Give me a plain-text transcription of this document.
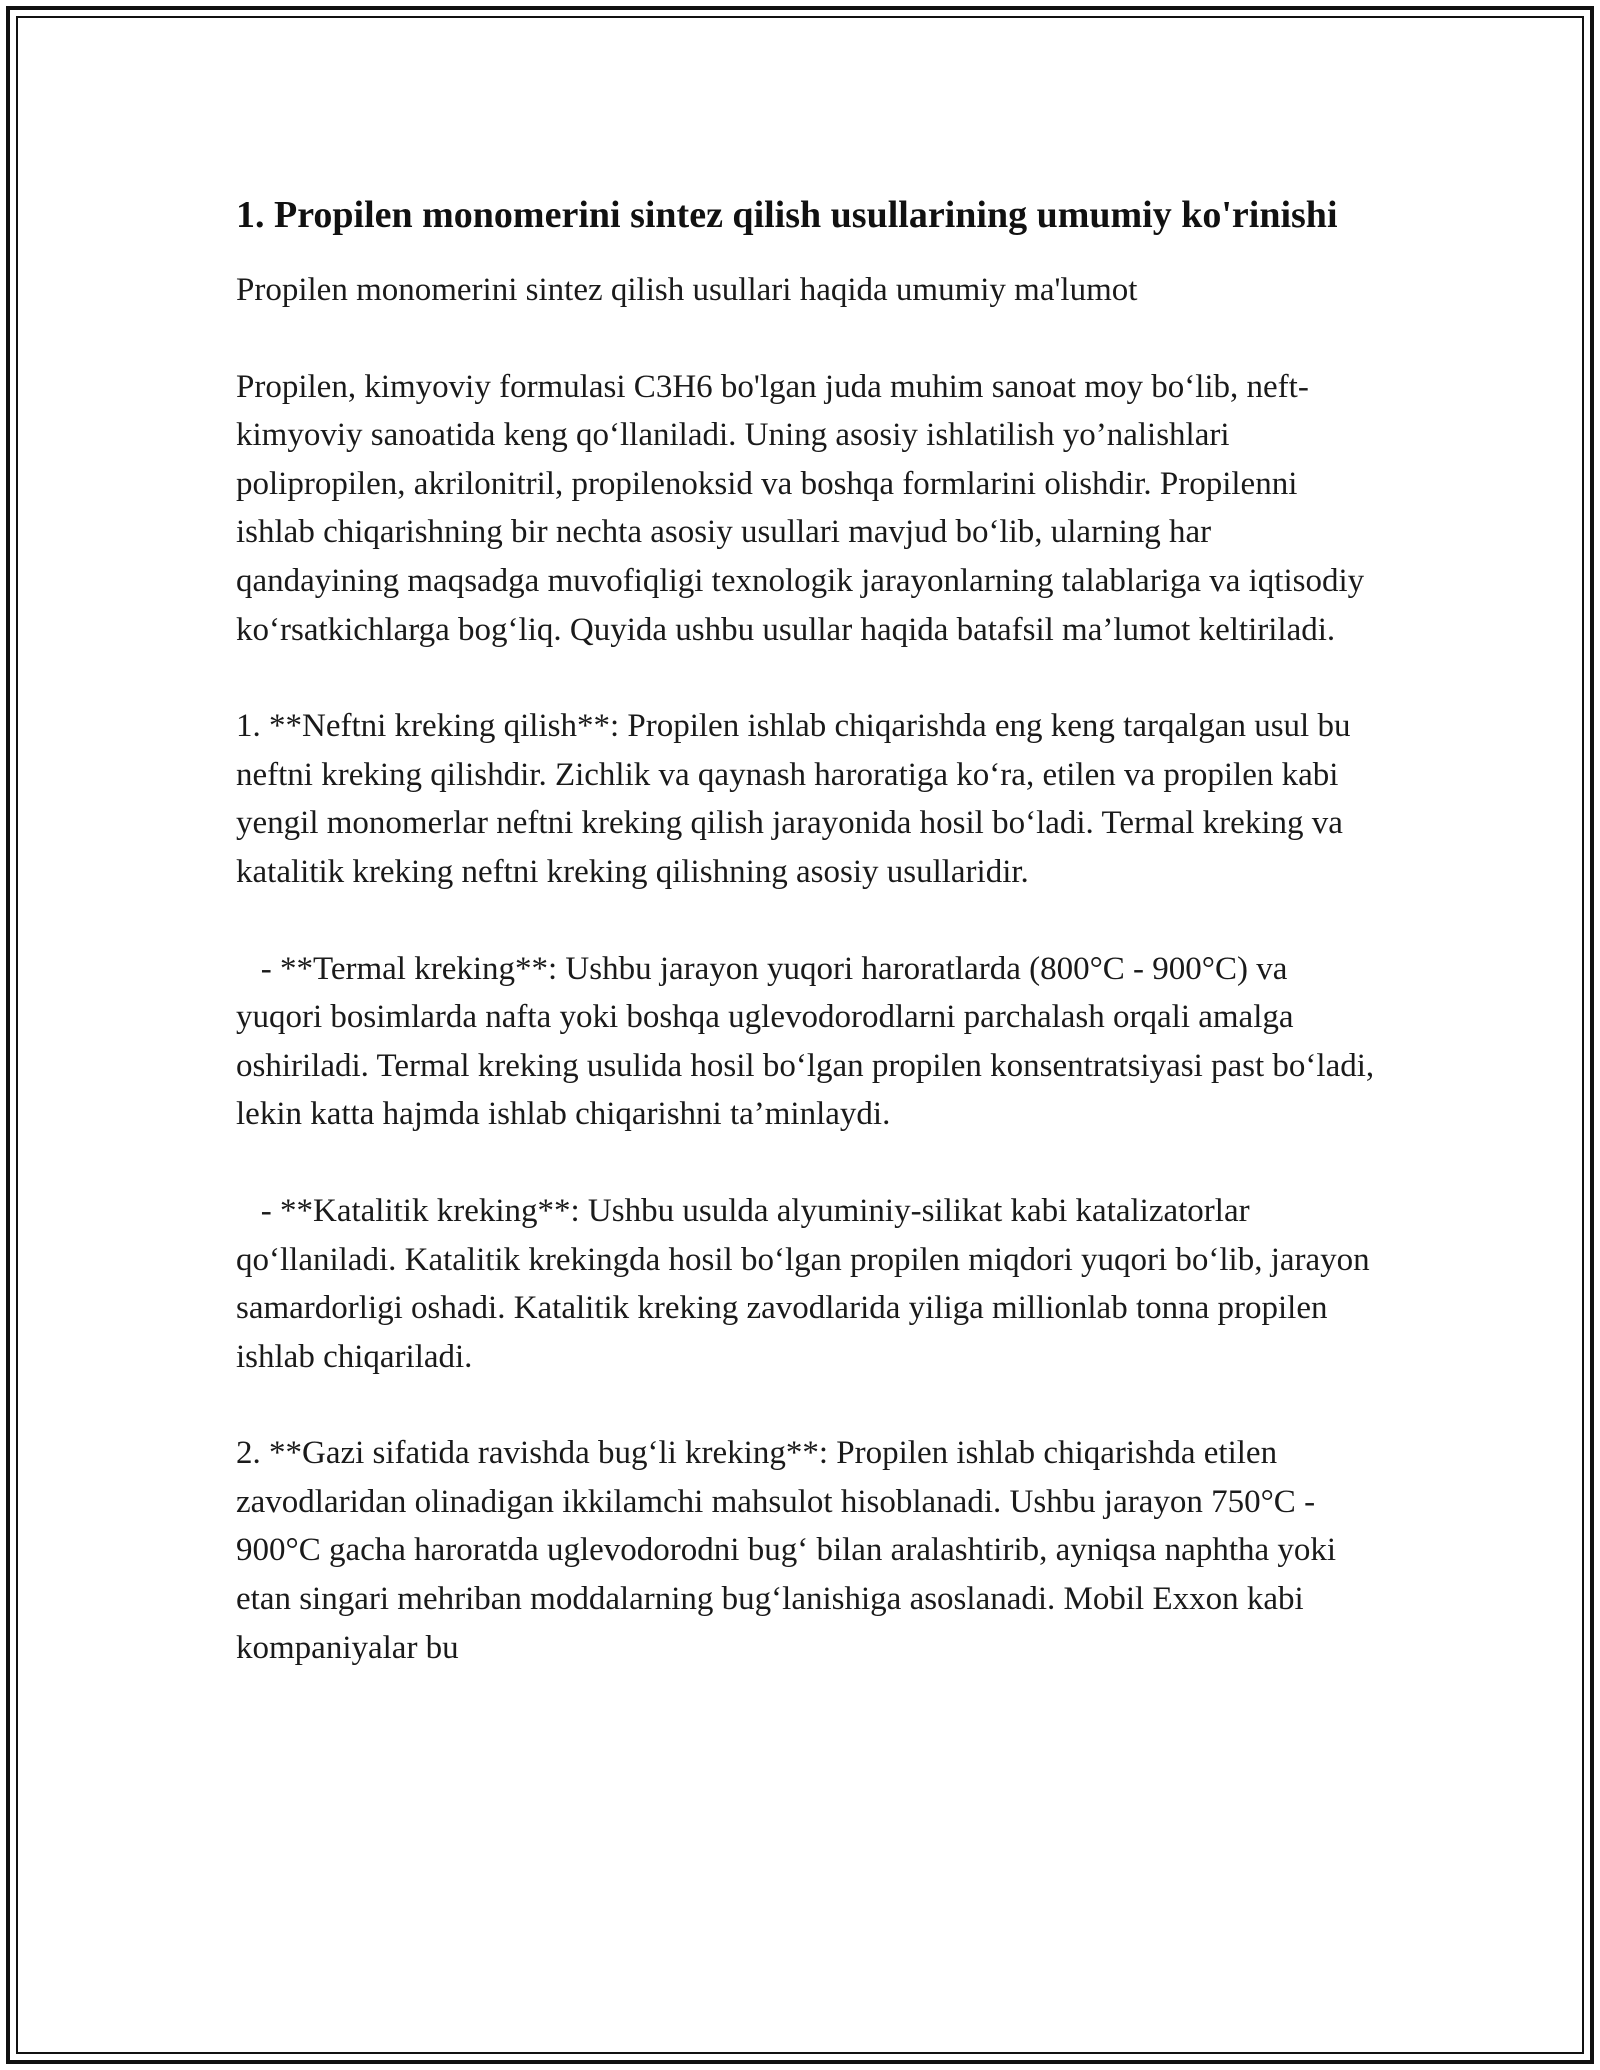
1. Propilen monomerini sintez qilish usullarining umumiy ko'rinishi

Propilen monomerini sintez qilish usullari haqida umumiy ma'lumot

Propilen, kimyoviy formulasi C3H6 bo'lgan juda muhim sanoat moy bo‘lib, neft-kimyoviy sanoatida keng qo‘llaniladi. Uning asosiy ishlatilish yo’nalishlari polipropilen, akrilonitril, propilenoksid va boshqa formlarini olishdir. Propilenni ishlab chiqarishning bir nechta asosiy usullari mavjud bo‘lib, ularning har qandayining maqsadga muvofiqligi texnologik jarayonlarning talablariga va iqtisodiy ko‘rsatkichlarga bog‘liq. Quyida ushbu usullar haqida batafsil ma’lumot keltiriladi.

1. **Neftni kreking qilish**: Propilen ishlab chiqarishda eng keng tarqalgan usul bu neftni kreking qilishdir. Zichlik va qaynash haroratiga ko‘ra, etilen va propilen kabi yengil monomerlar neftni kreking qilish jarayonida hosil bo‘ladi. Termal kreking va katalitik kreking neftni kreking qilishning asosiy usullaridir.

- **Termal kreking**: Ushbu jarayon yuqori haroratlarda (800°C - 900°C) va yuqori bosimlarda nafta yoki boshqa uglevodorodlarni parchalash orqali amalga oshiriladi. Termal kreking usulida hosil bo‘lgan propilen konsentratsiyasi past bo‘ladi, lekin katta hajmda ishlab chiqarishni ta’minlaydi.

- **Katalitik kreking**: Ushbu usulda alyuminiy-silikat kabi katalizatorlar qo‘llaniladi. Katalitik krekingda hosil bo‘lgan propilen miqdori yuqori bo‘lib, jarayon samardorligi oshadi. Katalitik kreking zavodlarida yiliga millionlab tonna propilen ishlab chiqariladi.

2. **Gazi sifatida ravishda bug‘li kreking**: Propilen ishlab chiqarishda etilen zavodlaridan olinadigan ikkilamchi mahsulot hisoblanadi. Ushbu jarayon 750°C - 900°C gacha haroratda uglevodorodni bug‘ bilan aralashtirib, ayniqsa naphtha yoki etan singari mehriban moddalarning bug‘lanishiga asoslanadi. Mobil Exxon kabi kompaniyalar bu
